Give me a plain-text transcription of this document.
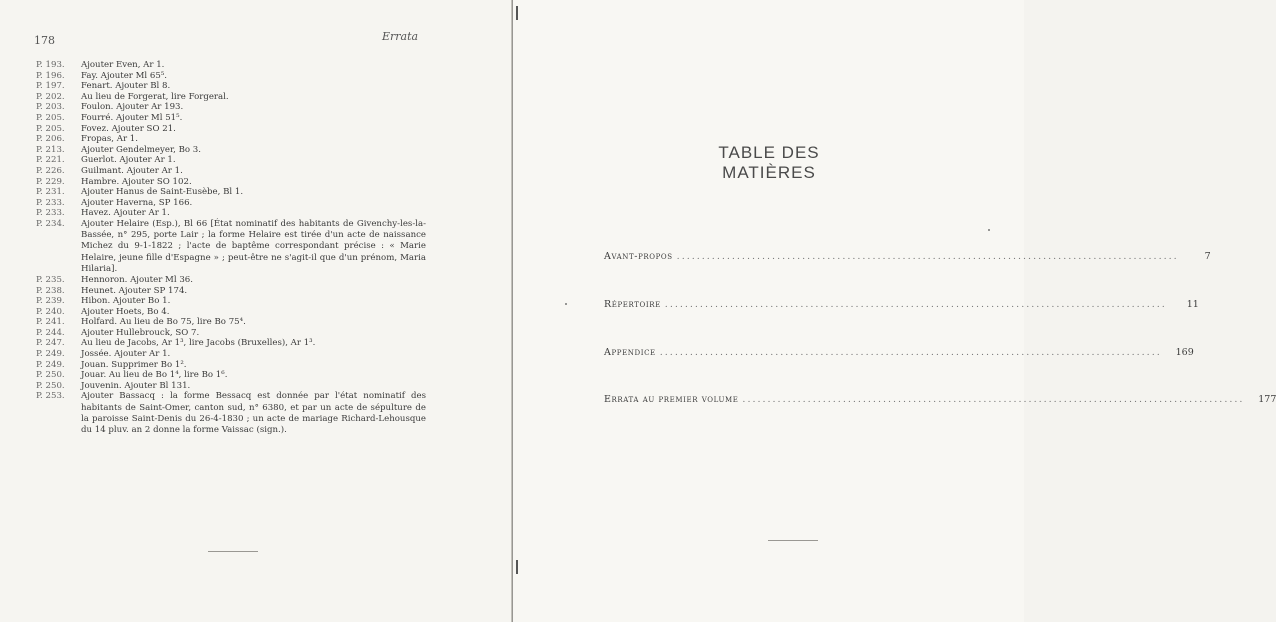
178	Errata
P. 193.	Ajouter Even, Ar 1.
P. 196.	Fay. Ajouter Ml 65⁵.
P. 197.	Fenart. Ajouter Bl 8.
P. 202.	Au lieu de Forgerat, lire Forgeral.
P. 203.	Foulon. Ajouter Ar 193.
P. 205.	Fourré. Ajouter Ml 51⁵.
P. 205.	Fovez. Ajouter SO 21.
P. 206.	Fropas, Ar 1.
P. 213.	Ajouter Gendelmeyer, Bo 3.
P. 221.	Guerlot. Ajouter Ar 1.
P. 226.	Guilmant. Ajouter Ar 1.
P. 229.	Hambre. Ajouter SO 102.
P. 231.	Ajouter Hanus de Saint-Eusèbe, Bl 1.
P. 233.	Ajouter Haverna, SP 166.
P. 233.	Havez. Ajouter Ar 1.
P. 234.	Ajouter Helaire (Esp.), Bl 66 [État nominatif des habitants de Givenchy-les-la-Bassée, n° 295, porte Lair ; la forme Helaire est tirée d'un acte de naissance Michez du 9-1-1822 ; l'acte de baptême correspondant précise : « Marie Helaire, jeune fille d'Espagne » ; peut-être ne s'agit-il que d'un prénom, Maria Hilaria].
P. 235.	Hennoron. Ajouter Ml 36.
P. 238.	Heunet. Ajouter SP 174.
P. 239.	Hibon. Ajouter Bo 1.
P. 240.	Ajouter Hoets, Bo 4.
P. 241.	Holfard. Au lieu de Bo 75, lire Bo 75⁴.
P. 244.	Ajouter Hullebrouck, SO 7.
P. 247.	Au lieu de Jacobs, Ar 1³, lire Jacobs (Bruxelles), Ar 1³.
P. 249.	Jossée. Ajouter Ar 1.
P. 249.	Jouan. Supprimer Bo 1².
P. 250.	Jouar. Au lieu de Bo 1⁴, lire Bo 1⁶.
P. 250.	Jouvenin. Ajouter Bl 131.
P. 253.	Ajouter Bassacq : la forme Bessacq est donnée par l'état nominatif des habitants de Saint-Omer, canton sud, n° 6380, et par un acte de sépulture de la paroisse Saint-Denis du 26-4-1830 ; un acte de mariage Richard-Lehousque du 14 pluv. an 2 donne la forme Vaissac (sign.).
TABLE DES MATIÈRES
Avant-propos ....................................................................................................	7
Répertoire ....................................................................................................	11
Appendice ....................................................................................................	169
Errata au premier volume ....................................................................................................	177
